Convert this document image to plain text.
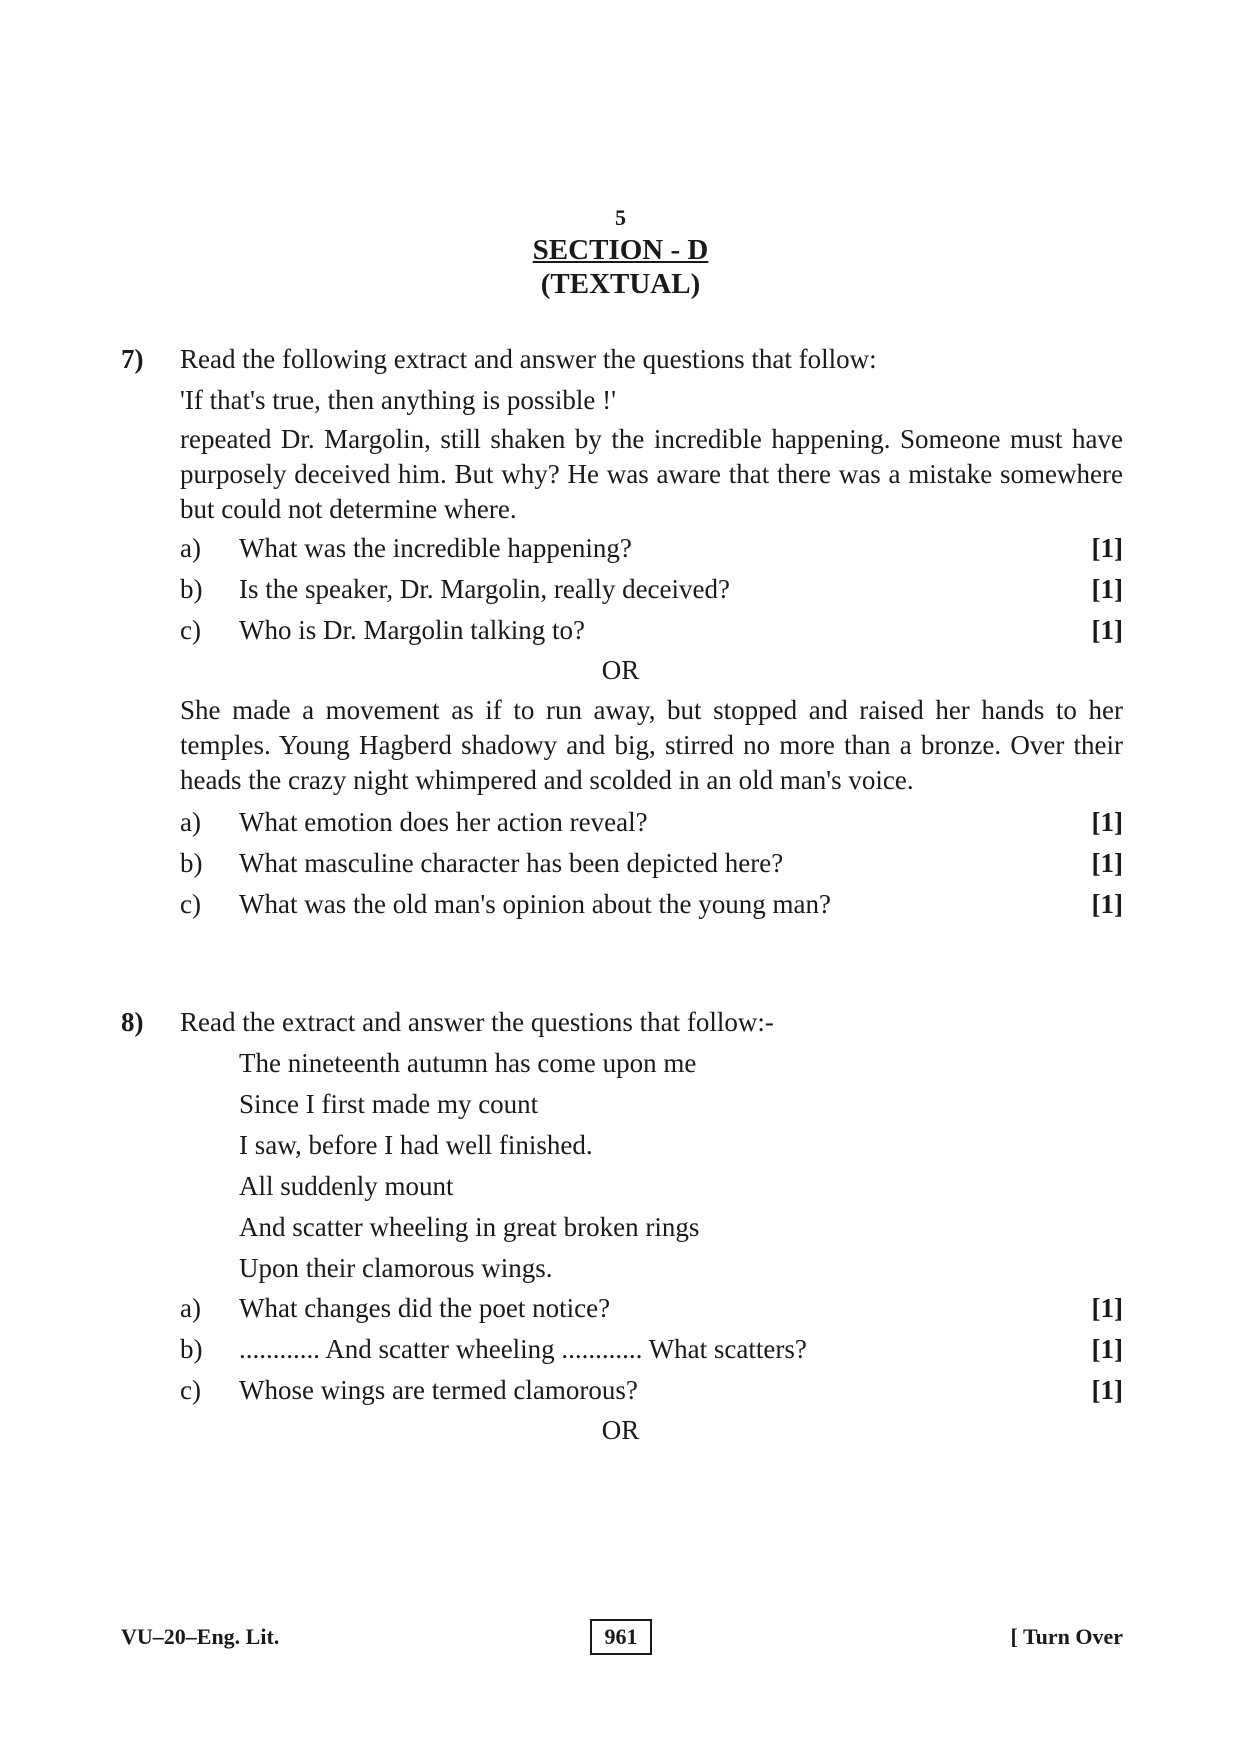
5
SECTION - D
(TEXTUAL)
7) Read the following extract and answer the questions that follow:
'If that's true, then anything is possible !'
repeated Dr. Margolin, still shaken by the incredible happening. Someone must have purposely deceived him. But why? He was aware that there was a mistake somewhere but could not determine where.
a) What was the incredible happening?	[1]
b) Is the speaker, Dr. Margolin, really deceived?	[1]
c) Who is Dr. Margolin talking to?	[1]
OR
She made a movement as if to run away, but stopped and raised her hands to her temples. Young Hagberd shadowy and big, stirred no more than a bronze. Over their heads the crazy night whimpered and scolded in an old man's voice.
a) What emotion does her action reveal?	[1]
b) What masculine character has been depicted here?	[1]
c) What was the old man's opinion about the young man?	[1]
8) Read the extract and answer the questions that follow:-
The nineteenth autumn has come upon me
Since I first made my count
I saw, before I had well finished.
All suddenly mount
And scatter wheeling in great broken rings
Upon their clamorous wings.
a) What changes did the poet notice?	[1]
b) ............ And scatter wheeling ............ What scatters?	[1]
c) Whose wings are termed clamorous?	[1]
OR
VU–20–Eng. Lit.	961	[ Turn Over
